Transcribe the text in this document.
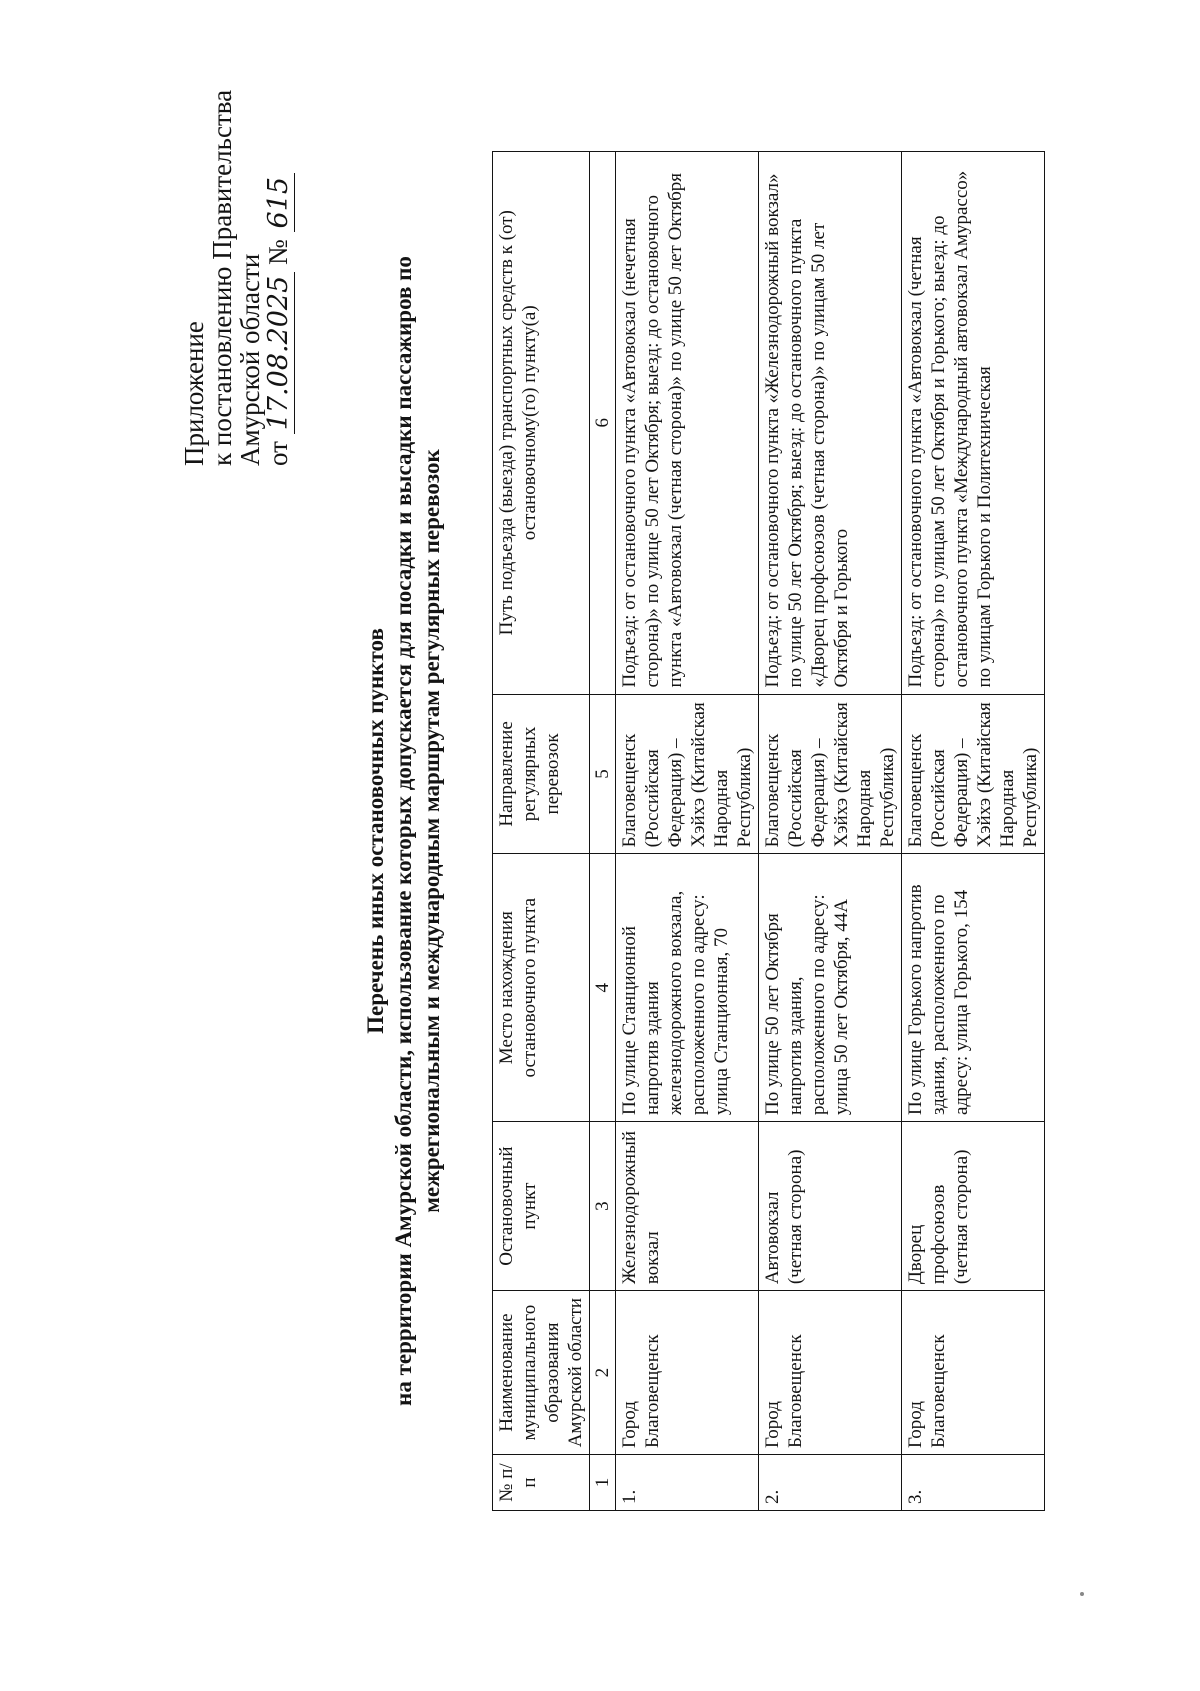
Приложение
к постановлению Правительства
Амурской области
от 17.08.2025 № 615
Перечень иных остановочных пунктов на территории Амурской области, использование которых допускается для посадки и высадки пассажиров по межрегиональным и международным маршрутам регулярных перевозок
№ п/п	Наименование муниципального образования Амурской области	Остановочный пункт	Место нахождения остановочного пункта	Направление регулярных перевозок	Путь подъезда (выезда) транспортных средств к (от) остановочному(го) пункту(а)
1	2	3	4	5	6
1.	Город Благовещенск	Железнодорожный вокзал	По улице Станционной напротив здания железнодорожного вокзала, расположенного по адресу: улица Станционная, 70	Благовещенск (Российская Федерация) – Хэйхэ (Китайская Народная Республика)	Подъезд: от остановочного пункта «Автовокзал (нечетная сторона)» по улице 50 лет Октября; выезд: до остановочного пункта «Автовокзал (четная сторона)» по улице 50 лет Октября
2.	Город Благовещенск	Автовокзал (четная сторона)	По улице 50 лет Октября напротив здания, расположенного по адресу: улица 50 лет Октября, 44А	Благовещенск (Российская Федерация) – Хэйхэ (Китайская Народная Республика)	Подъезд: от остановочного пункта «Железнодорожный вокзал» по улице 50 лет Октября; выезд: до остановочного пункта «Дворец профсоюзов (четная сторона)» по улицам 50 лет Октября и Горького
3.	Город Благовещенск	Дворец профсоюзов (четная сторона)	По улице Горького напротив здания, расположенного по адресу: улица Горького, 154	Благовещенск (Российская Федерация) – Хэйхэ (Китайская Народная Республика)	Подъезд: от остановочного пункта «Автовокзал (четная сторона)» по улицам 50 лет Октября и Горького; выезд: до остановочного пункта «Международный автовокзал Амурассо» по улицам Горького и Политехническая
